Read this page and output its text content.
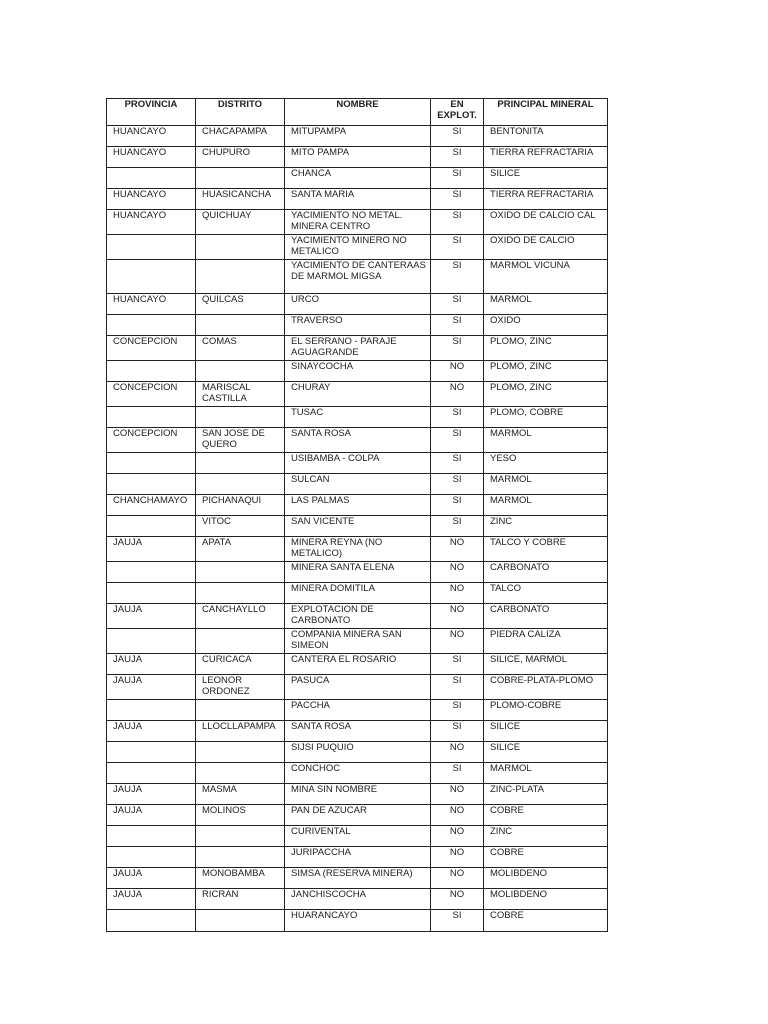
PROVINCIA	DISTRITO	NOMBRE	EN EXPLOT.	PRINCIPAL MINERAL
HUANCAYO	CHACAPAMPA	MITUPAMPA	SI	BENTONITA
HUANCAYO	CHUPURO	MITO PAMPA	SI	TIERRA REFRACTARIA
		CHANCA	SI	SILICE
HUANCAYO	HUASICANCHA	SANTA MARIA	SI	TIERRA REFRACTARIA
HUANCAYO	QUICHUAY	YACIMIENTO NO METAL. MINERA CENTRO	SI	OXIDO DE CALCIO CAL
		YACIMIENTO MINERO NO METALICO	SI	OXIDO DE CALCIO
		YACIMIENTO DE CANTERAAS DE MARMOL MIGSA	SI	MARMOL VICUNA
HUANCAYO	QUILCAS	URCO	SI	MARMOL
		TRAVERSO	SI	OXIDO
CONCEPCION	COMAS	EL SERRANO - PARAJE AGUAGRANDE	SI	PLOMO, ZINC
		SINAYCOCHA	NO	PLOMO, ZINC
CONCEPCION	MARISCAL CASTILLA	CHURAY	NO	PLOMO, ZINC
		TUSAC	SI	PLOMO, COBRE
CONCEPCION	SAN JOSE DE QUERO	SANTA ROSA	SI	MARMOL
		USIBAMBA - COLPA	SI	YESO
		SULCAN	SI	MARMOL
CHANCHAMAYO	PICHANAQUI	LAS PALMAS	SI	MARMOL
	VITOC	SAN VICENTE	SI	ZINC
JAUJA	APATA	MINERA REYNA (NO METALICO)	NO	TALCO Y COBRE
		MINERA SANTA ELENA	NO	CARBONATO
		MINERA DOMITILA	NO	TALCO
JAUJA	CANCHAYLLO	EXPLOTACION DE CARBONATO	NO	CARBONATO
		COMPANIA MINERA SAN SIMEON	NO	PIEDRA CALIZA
JAUJA	CURICACA	CANTERA EL ROSARIO	SI	SILICE, MARMOL
JAUJA	LEONOR ORDONEZ	PASUCA	SI	COBRE-PLATA-PLOMO
		PACCHA	SI	PLOMO-COBRE
JAUJA	LLOCLLAPAMPA	SANTA ROSA	SI	SILICE
		SIJSI PUQUIO	NO	SILICE
		CONCHOC	SI	MARMOL
JAUJA	MASMA	MINA SIN NOMBRE	NO	ZINC-PLATA
JAUJA	MOLINOS	PAN DE AZUCAR	NO	COBRE
		CURIVENTAL	NO	ZINC
		JURIPACCHA	NO	COBRE
JAUJA	MONOBAMBA	SIMSA (RESERVA MINERA)	NO	MOLIBDENO
JAUJA	RICRAN	JANCHISCOCHA	NO	MOLIBDENO
		HUARANCAYO	SI	COBRE
